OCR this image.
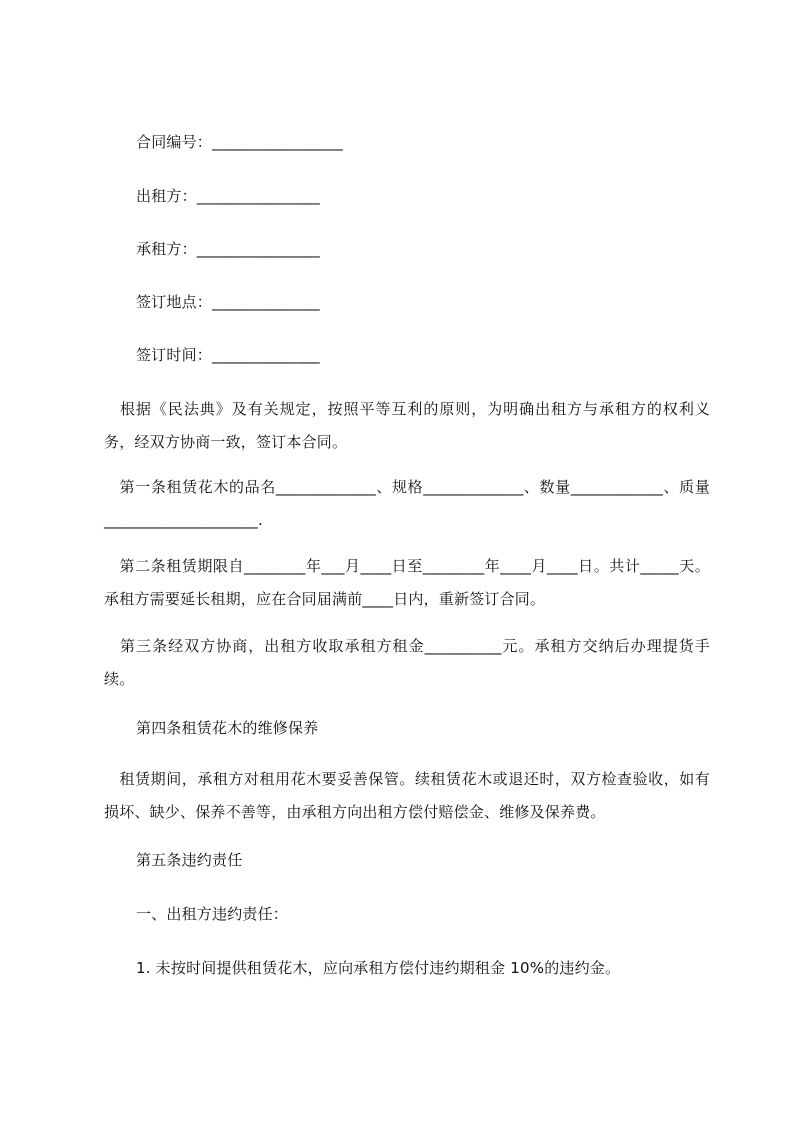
合同编号：_________________
出租方：________________
承租方：________________
签订地点：______________
签订时间：______________
　根据《民法典》及有关规定，按照平等互利的原则，为明确出租方与承租方的权利义务，经双方协商一致，签订本合同。
　第一条租赁花木的品名_____________、规格_____________、数量____________、质量____________________.
　第二条租赁期限自________年___月____日至________年____月____日。共计_____天。承租方需要延长租期，应在合同届满前____日内，重新签订合同。
　第三条经双方协商，出租方收取承租方租金__________元。承租方交纳后办理提货手续。
第四条租赁花木的维修保养
　租赁期间，承租方对租用花木要妥善保管。续租赁花木或退还时，双方检查验收，如有损坏、缺少、保养不善等，由承租方向出租方偿付赔偿金、维修及保养费。
第五条违约责任
一、出租方违约责任：
1. 未按时间提供租赁花木，应向承租方偿付违约期租金 10%的违约金。
